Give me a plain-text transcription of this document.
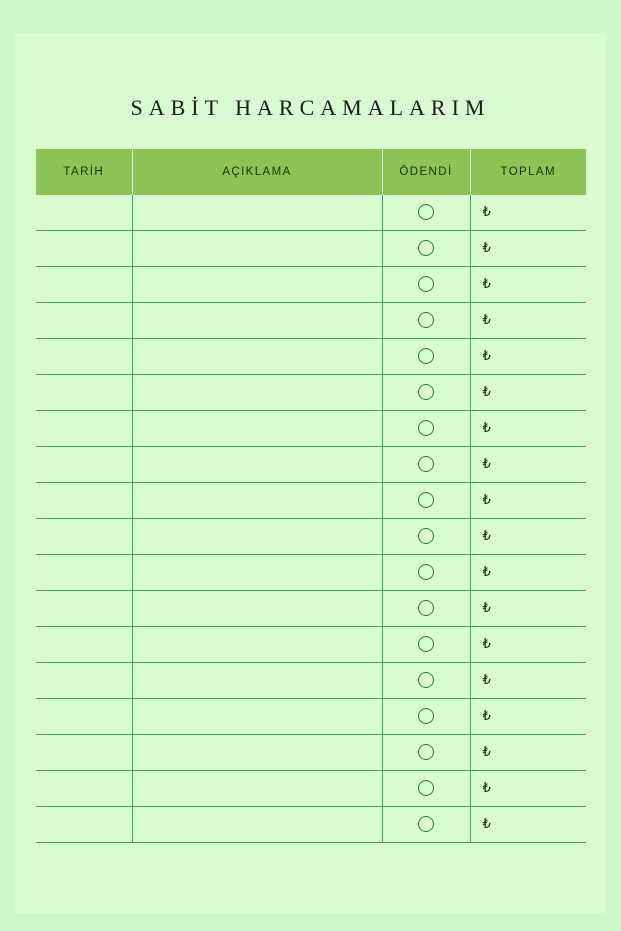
SABİT HARCAMALARIM
TARİH	AÇIKLAMA	ÖDENDİ	TOPLAM
			₺
			₺
			₺
			₺
			₺
			₺
			₺
			₺
			₺
			₺
			₺
			₺
			₺
			₺
			₺
			₺
			₺
			₺
